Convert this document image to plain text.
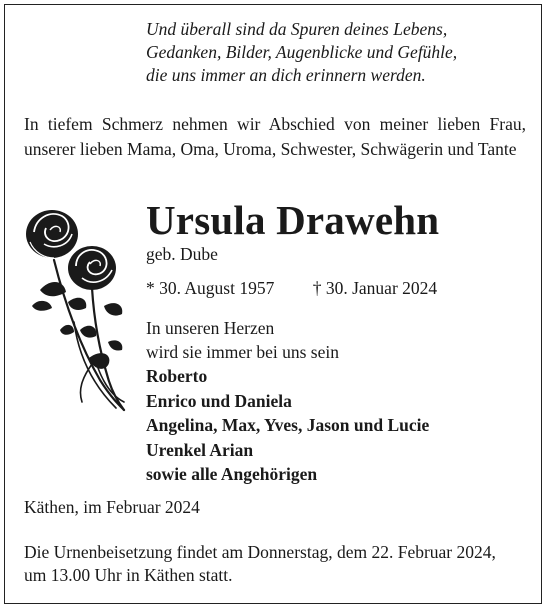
Und überall sind da Spuren deines Lebens,
Gedanken, Bilder, Augenblicke und Gefühle,
die uns immer an dich erinnern werden.
In tiefem Schmerz nehmen wir Abschied von meiner lieben Frau, unserer lieben Mama, Oma, Uroma, Schwester, Schwägerin und Tante
Ursula Drawehn
geb. Dube
* 30. August 1957 † 30. Januar 2024
In unseren Herzen
wird sie immer bei uns sein
Roberto
Enrico und Daniela
Angelina, Max, Yves, Jason und Lucie
Urenkel Arian
sowie alle Angehörigen
Käthen, im Februar 2024
Die Urnenbeisetzung findet am Donnerstag, dem 22. Februar 2024,
um 13.00 Uhr in Käthen statt.
